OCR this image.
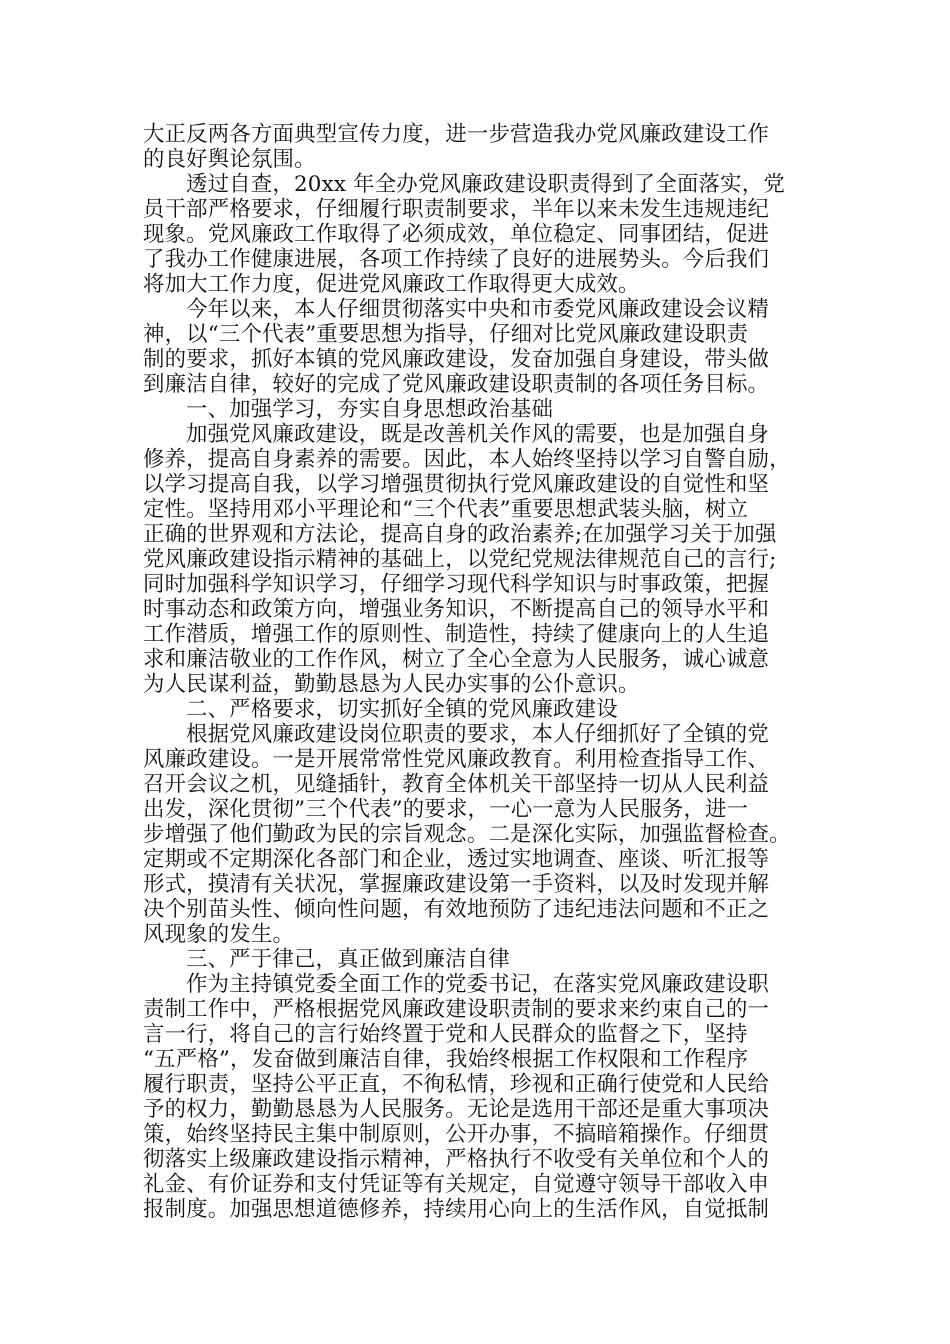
大正反两各方面典型宣传力度，进一步营造我办党风廉政建设工作
的良好舆论氛围。
透过自查，20xx 年全办党风廉政建设职责得到了全面落实，党
员干部严格要求，仔细履行职责制要求，半年以来未发生违规违纪
现象。党风廉政工作取得了必须成效，单位稳定、同事团结，促进
了我办工作健康进展，各项工作持续了良好的进展势头。今后我们
将加大工作力度，促进党风廉政工作取得更大成效。
今年以来，本人仔细贯彻落实中央和市委党风廉政建设会议精
神，以“三个代表”重要思想为指导，仔细对比党风廉政建设职责
制的要求，抓好本镇的党风廉政建设，发奋加强自身建设，带头做
到廉洁自律，较好的完成了党风廉政建设职责制的各项任务目标。
一、加强学习，夯实自身思想政治基础
加强党风廉政建设，既是改善机关作风的需要，也是加强自身
修养，提高自身素养的需要。因此，本人始终坚持以学习自警自励，
以学习提高自我，以学习增强贯彻执行党风廉政建设的自觉性和坚
定性。坚持用邓小平理论和“三个代表”重要思想武装头脑，树立
正确的世界观和方法论，提高自身的政治素养;在加强学习关于加强
党风廉政建设指示精神的基础上，以党纪党规法律规范自己的言行;
同时加强科学知识学习，仔细学习现代科学知识与时事政策，把握
时事动态和政策方向，增强业务知识，不断提高自己的领导水平和
工作潜质，增强工作的原则性、制造性，持续了健康向上的人生追
求和廉洁敬业的工作作风，树立了全心全意为人民服务，诚心诚意
为人民谋利益，勤勤恳恳为人民办实事的公仆意识。
二、严格要求，切实抓好全镇的党风廉政建设
根据党风廉政建设岗位职责的要求，本人仔细抓好了全镇的党
风廉政建设。一是开展常常性党风廉政教育。利用检查指导工作、
召开会议之机，见缝插针，教育全体机关干部坚持一切从人民利益
出发，深化贯彻”三个代表”的要求，一心一意为人民服务，进一
步增强了他们勤政为民的宗旨观念。二是深化实际，加强监督检查。
定期或不定期深化各部门和企业，透过实地调查、座谈、听汇报等
形式，摸清有关状况，掌握廉政建设第一手资料，以及时发现并解
决个别苗头性、倾向性问题，有效地预防了违纪违法问题和不正之
风现象的发生。
三、严于律己，真正做到廉洁自律
作为主持镇党委全面工作的党委书记，在落实党风廉政建设职
责制工作中，严格根据党风廉政建设职责制的要求来约束自己的一
言一行，将自己的言行始终置于党和人民群众的监督之下，坚持
“五严格”，发奋做到廉洁自律，我始终根据工作权限和工作程序
履行职责，坚持公平正直，不徇私情，珍视和正确行使党和人民给
予的权力，勤勤恳恳为人民服务。无论是选用干部还是重大事项决
策，始终坚持民主集中制原则，公开办事，不搞暗箱操作。仔细贯
彻落实上级廉政建设指示精神，严格执行不收受有关单位和个人的
礼金、有价证券和支付凭证等有关规定，自觉遵守领导干部收入申
报制度。加强思想道德修养，持续用心向上的生活作风，自觉抵制
